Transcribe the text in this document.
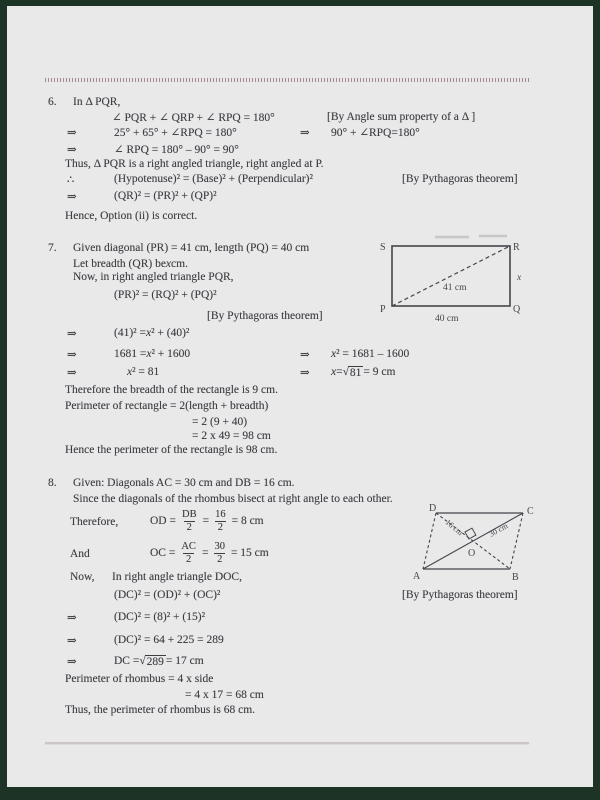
6. In Δ PQR,
∠ PQR + ∠ QRP + ∠ RPQ = 180°	[By Angle sum property of a Δ ]
⇒	25° + 65° + ∠RPQ = 180°	⇒ 90° + ∠RPQ=180°
⇒	∠ RPQ = 180° – 90° = 90°
Thus, Δ PQR is a right angled triangle, right angled at P.
∴	(Hypotenuse)² = (Base)² + (Perpendicular)²	[By Pythagoras theorem]
⇒	(QR)² = (PR)² + (QP)²
Hence, Option (ii) is correct.
7. Given diagonal (PR) = 41 cm, length (PQ) = 40 cm
Let breadth (QR) be x cm.
Now, in right angled triangle PQR,
(PR)² = (RQ)² + (PQ)²
[By Pythagoras theorem]
⇒	(41)² = x ² + (40)²
⇒	1681 = x ² + 1600	⇒ x ² = 1681 – 1600
⇒	x ² = 81	⇒ x = √ 81 = 9 cm
Therefore the breadth of the rectangle is 9 cm.
Perimeter of rectangle = 2(length + breadth)
= 2 (9 + 40)
= 2 x 49 = 98 cm
Hence the perimeter of the rectangle is 98 cm.
8. Given: Diagonals AC = 30 cm and DB = 16 cm.
Since the diagonals of the rhombus bisect at right angle to each other.
Therefore,	OD = $\frac{DB}{2} = \frac{16}{2} = 8$ cm
And	OC = $\frac{AC}{2} = \frac{30}{2} = 15$ cm
Now, In right angle triangle DOC,
(DC)² = (OD)² + (OC)²	[By Pythagoras theorem]
⇒	(DC)² = (8)² + (15)²
⇒	(DC)² = 64 + 225 = 289
⇒	DC = √ 289 = 17 cm
Perimeter of rhombus = 4 x side
= 4 x 17 = 68 cm
Thus, the perimeter of rhombus is 68 cm.
S	R
P	Q
41 cm
40 cm
x
D	C
A	B
O
16 cm	30 cm
